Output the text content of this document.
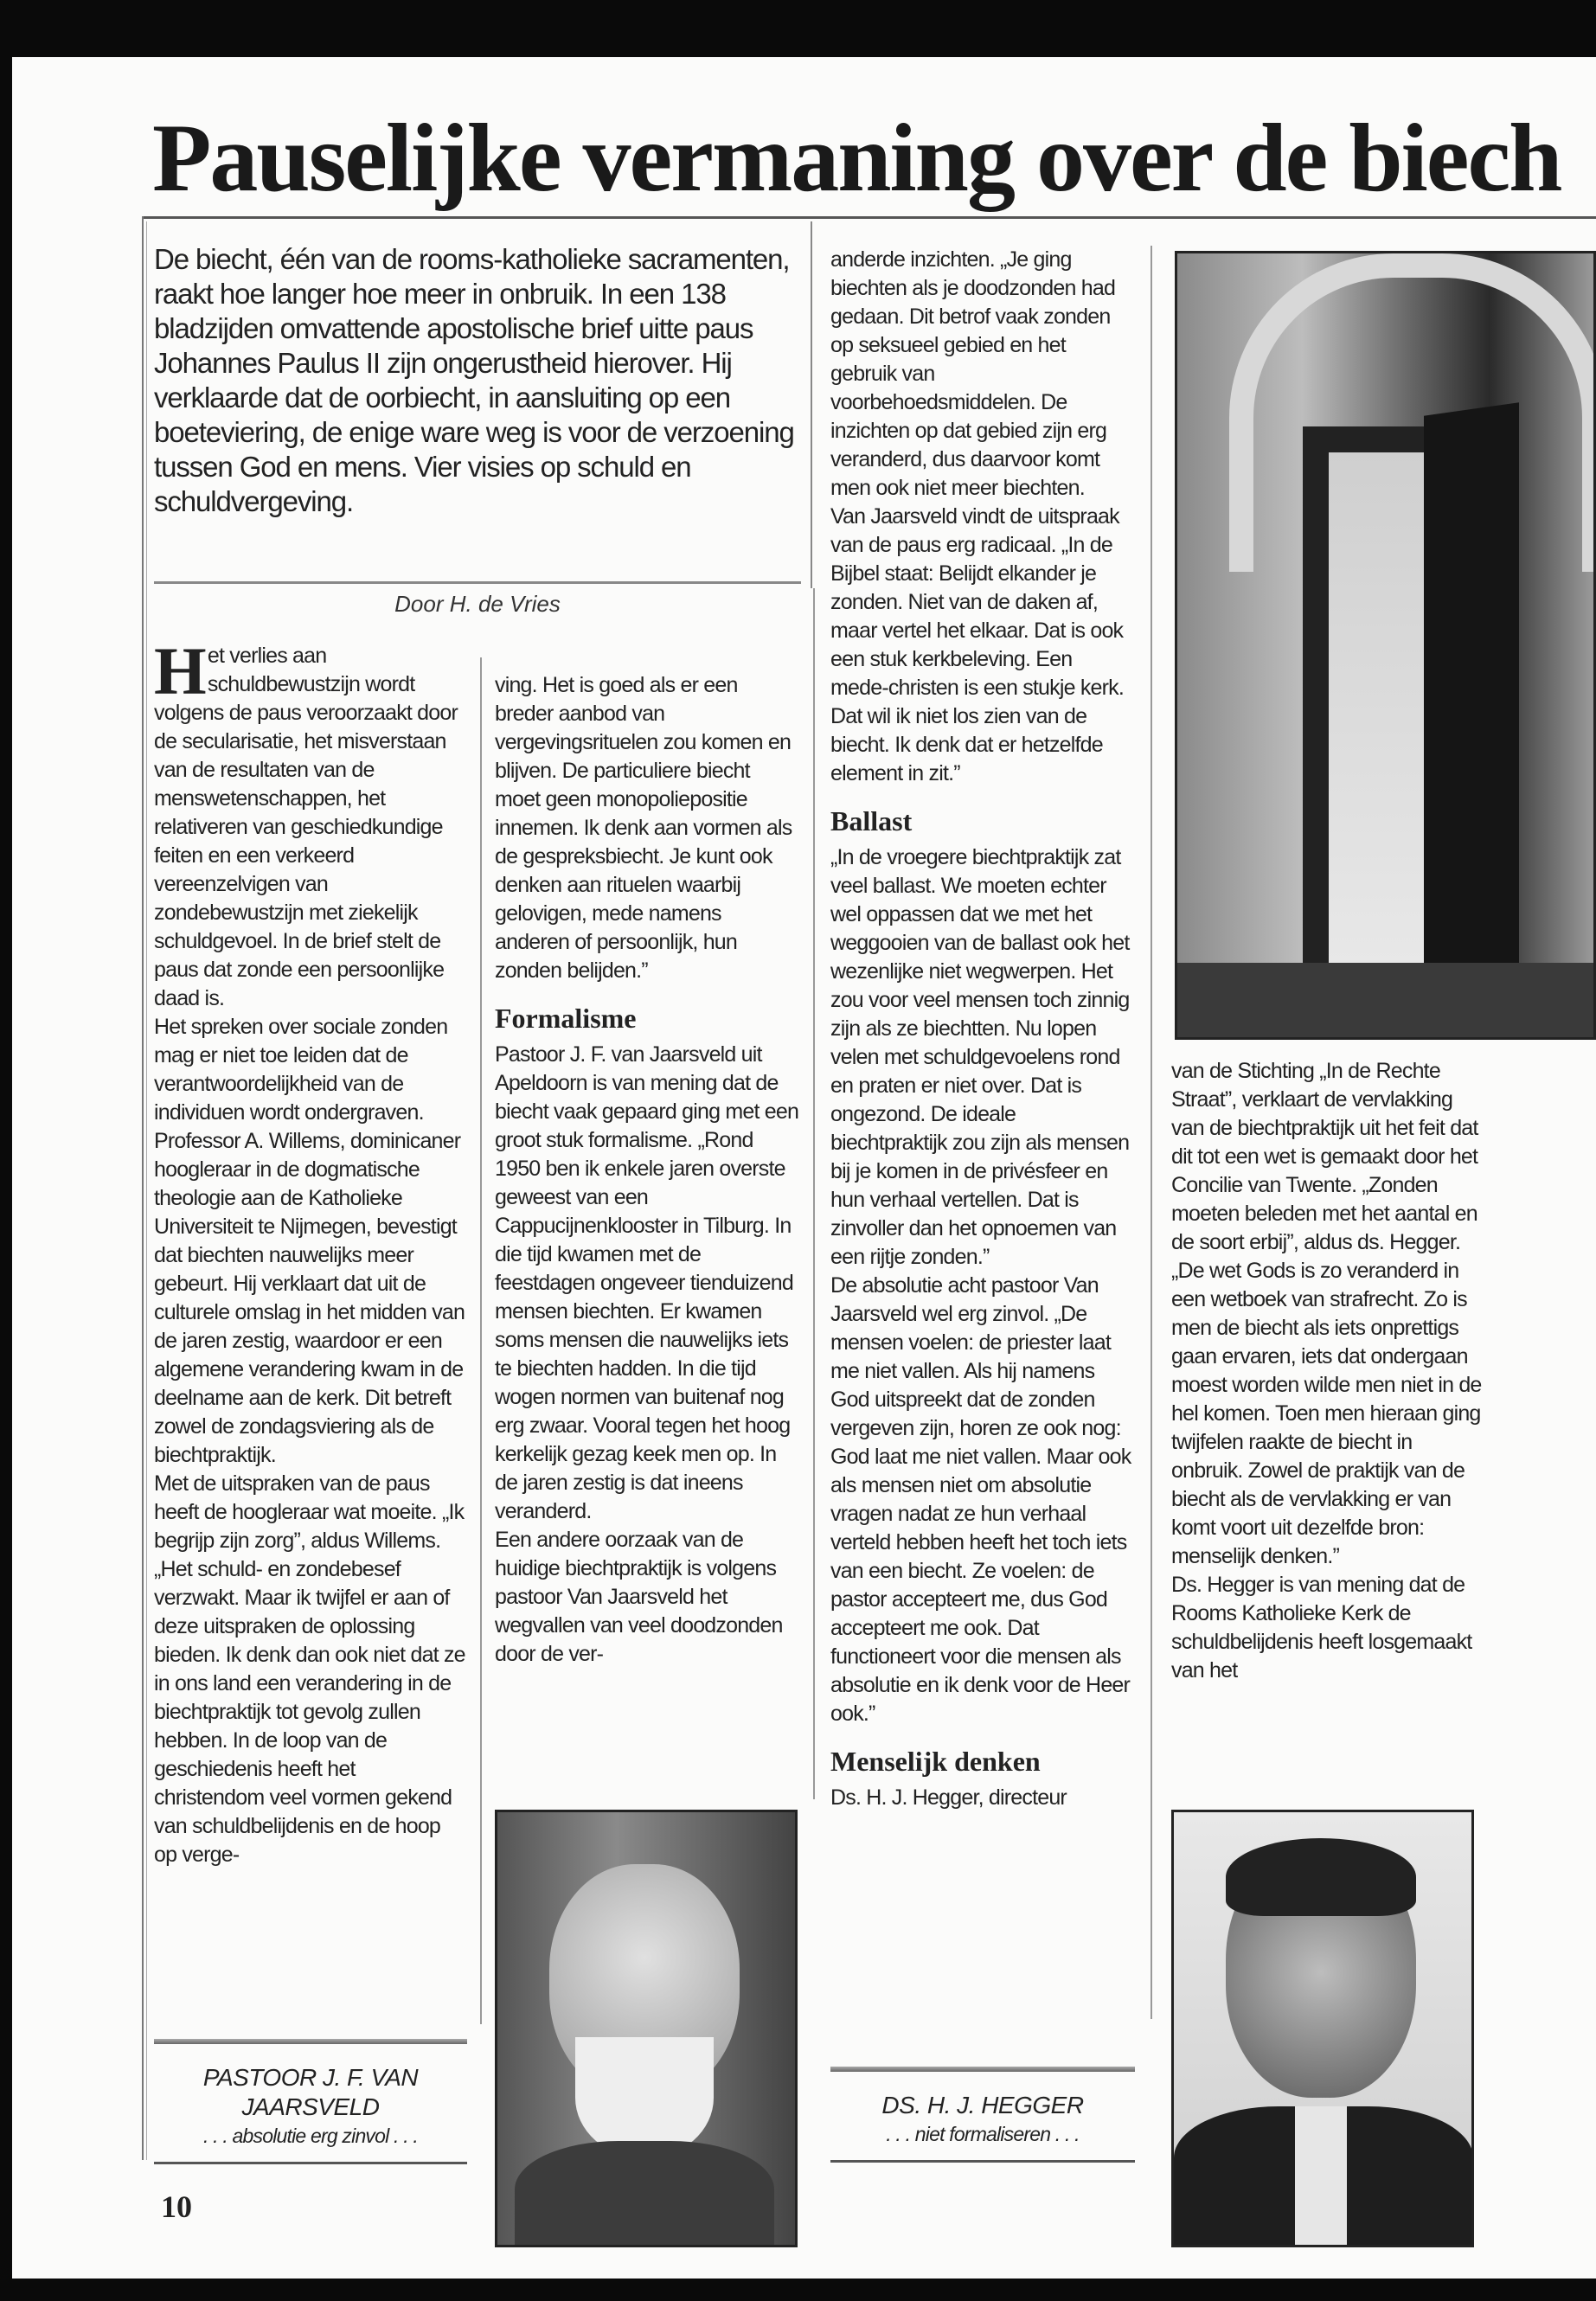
Pauselijke vermaning over de biech
De biecht, één van de rooms-katholieke sacramenten, raakt hoe langer hoe meer in onbruik. In een 138 bladzijden omvattende apostolische brief uitte paus Johannes Paulus II zijn ongerustheid hierover. Hij verklaarde dat de oorbiecht, in aansluiting op een boeteviering, de enige ware weg is voor de verzoening tussen God en mens. Vier visies op schuld en schuldvergeving.
Door H. de Vries

Het verlies aan schuldbewustzijn wordt volgens de paus veroorzaakt door de secularisatie, het misverstaan van de resultaten van de menswetenschappen, het relativeren van geschiedkundige feiten en een verkeerd vereenzelvigen van zondebewustzijn met ziekelijk schuldgevoel. In de brief stelt de paus dat zonde een persoonlijke daad is.

Het spreken over sociale zonden mag er niet toe leiden dat de verantwoordelijkheid van de individuen wordt ondergraven.

Professor A. Willems, dominicaner hoogleraar in de dogmatische theologie aan de Katholieke Universiteit te Nijmegen, bevestigt dat biechten nauwelijks meer gebeurt. Hij verklaart dat uit de culturele omslag in het midden van de jaren zestig, waardoor er een algemene verandering kwam in de deelname aan de kerk. Dit betreft zowel de zondagsviering als de biechtpraktijk.

Met de uitspraken van de paus heeft de hoogleraar wat moeite. „Ik begrijp zijn zorg”, aldus Willems. „Het schuld- en zondebesef verzwakt. Maar ik twijfel er aan of deze uitspraken de oplossing bieden. Ik denk dan ook niet dat ze in ons land een verandering in de biechtpraktijk tot gevolg zullen hebben. In de loop van de geschiedenis heeft het christendom veel vormen gekend van schuldbelijdenis en de hoop op verge-

PASTOOR J. F. VAN JAARSVELD
. . . absolutie erg zinvol . . .
10

ving. Het is goed als er een breder aanbod van vergevingsrituelen zou komen en blijven. De particuliere biecht moet geen monopoliepositie innemen. Ik denk aan vormen als de gespreksbiecht. Je kunt ook denken aan rituelen waarbij gelovigen, mede namens anderen of persoonlijk, hun zonden belijden.”

Formalisme

Pastoor J. F. van Jaarsveld uit Apeldoorn is van mening dat de biecht vaak gepaard ging met een groot stuk formalisme. „Rond 1950 ben ik enkele jaren overste geweest van een Cappucijnenklooster in Tilburg. In die tijd kwamen met de feestdagen ongeveer tienduizend mensen biechten. Er kwamen soms mensen die nauwelijks iets te biechten hadden. In die tijd wogen normen van buitenaf nog erg zwaar. Vooral tegen het hoog kerkelijk gezag keek men op. In de jaren zestig is dat ineens veranderd.

Een andere oorzaak van de huidige biechtpraktijk is volgens pastoor Van Jaarsveld het wegvallen van veel doodzonden door de ver-

anderde inzichten. „Je ging biechten als je doodzonden had gedaan. Dit betrof vaak zonden op seksueel gebied en het gebruik van voorbehoedsmiddelen. De inzichten op dat gebied zijn erg veranderd, dus daarvoor komt men ook niet meer biechten.

Van Jaarsveld vindt de uitspraak van de paus erg radicaal. „In de Bijbel staat: Belijdt elkander je zonden. Niet van de daken af, maar vertel het elkaar. Dat is ook een stuk kerkbeleving. Een mede-christen is een stukje kerk. Dat wil ik niet los zien van de biecht. Ik denk dat er hetzelfde element in zit.”

Ballast

„In de vroegere biechtpraktijk zat veel ballast. We moeten echter wel oppassen dat we met het weggooien van de ballast ook het wezenlijke niet wegwerpen. Het zou voor veel mensen toch zinnig zijn als ze biechtten. Nu lopen velen met schuldgevoelens rond en praten er niet over. Dat is ongezond. De ideale biechtpraktijk zou zijn als mensen bij je komen in de privésfeer en hun verhaal vertellen. Dat is zinvoller dan het opnoemen van een rijtje zonden.”

De absolutie acht pastoor Van Jaarsveld wel erg zinvol. „De mensen voelen: de priester laat me niet vallen. Als hij namens God uitspreekt dat de zonden vergeven zijn, horen ze ook nog: God laat me niet vallen. Maar ook als mensen niet om absolutie vragen nadat ze hun verhaal verteld hebben heeft het toch iets van een biecht. Ze voelen: de pastor accepteert me, dus God accepteert me ook. Dat functioneert voor die mensen als absolutie en ik denk voor de Heer ook.”

Menselijk denken

Ds. H. J. Hegger, directeur

DS. H. J. HEGGER
. . . niet formaliseren . . .

van de Stichting „In de Rechte Straat”, verklaart de vervlakking van de biechtpraktijk uit het feit dat dit tot een wet is gemaakt door het Concilie van Twente. „Zonden moeten beleden met het aantal en de soort erbij”, aldus ds. Hegger. „De wet Gods is zo veranderd in een wetboek van strafrecht. Zo is men de biecht als iets onprettigs gaan ervaren, iets dat ondergaan moest worden wilde men niet in de hel komen. Toen men hieraan ging twijfelen raakte de biecht in onbruik. Zowel de praktijk van de biecht als de vervlakking er van komt voort uit dezelfde bron: menselijk denken.”

Ds. Hegger is van mening dat de Rooms Katholieke Kerk de schuldbelijdenis heeft losgemaakt van het
